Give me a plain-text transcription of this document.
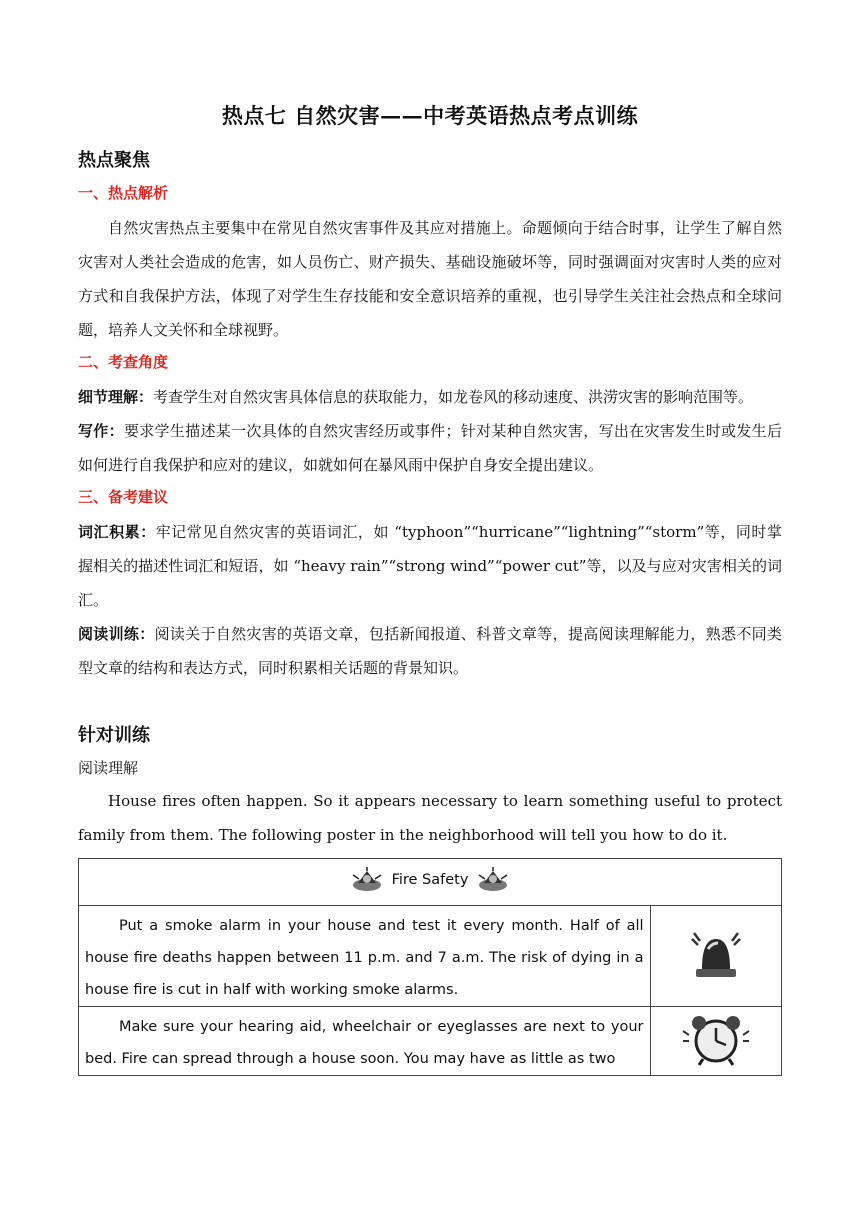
热点七 自然灾害——中考英语热点考点训练
热点聚焦
一、热点解析

自然灾害热点主要集中在常见自然灾害事件及其应对措施上。命题倾向于结合时事，让学生了解自然灾害对人类社会造成的危害，如人员伤亡、财产损失、基础设施破坏等，同时强调面对灾害时人类的应对方式和自我保护方法，体现了对学生生存技能和安全意识培养的重视，也引导学生关注社会热点和全球问题，培养人文关怀和全球视野。

二、考查角度

细节理解：考查学生对自然灾害具体信息的获取能力，如龙卷风的移动速度、洪涝灾害的影响范围等。

写作：要求学生描述某一次具体的自然灾害经历或事件；针对某种自然灾害，写出在灾害发生时或发生后如何进行自我保护和应对的建议，如就如何在暴风雨中保护自身安全提出建议。

三、备考建议

词汇积累：牢记常见自然灾害的英语词汇，如 “typhoon”“hurricane”“lightning”“storm”等，同时掌握相关的描述性词汇和短语，如 “heavy rain”“strong wind”“power cut”等，以及与应对灾害相关的词汇。

阅读训练：阅读关于自然灾害的英语文章，包括新闻报道、科普文章等，提高阅读理解能力，熟悉不同类型文章的结构和表达方式，同时积累相关话题的背景知识。

针对训练
阅读理解

House fires often happen. So it appears necessary to learn something useful to protect family from them. The following poster in the neighborhood will tell you how to do it.

Fire Safety	

Put a smoke alarm in your house and test it every month. Half of all house fire deaths happen between 11 p.m. and 7 a.m. The risk of dying in a house fire is cut in half with working smoke alarms.

Make sure your hearing aid, wheelchair or eyeglasses are next to your bed. Fire can spread through a house soon. You may have as little as two
